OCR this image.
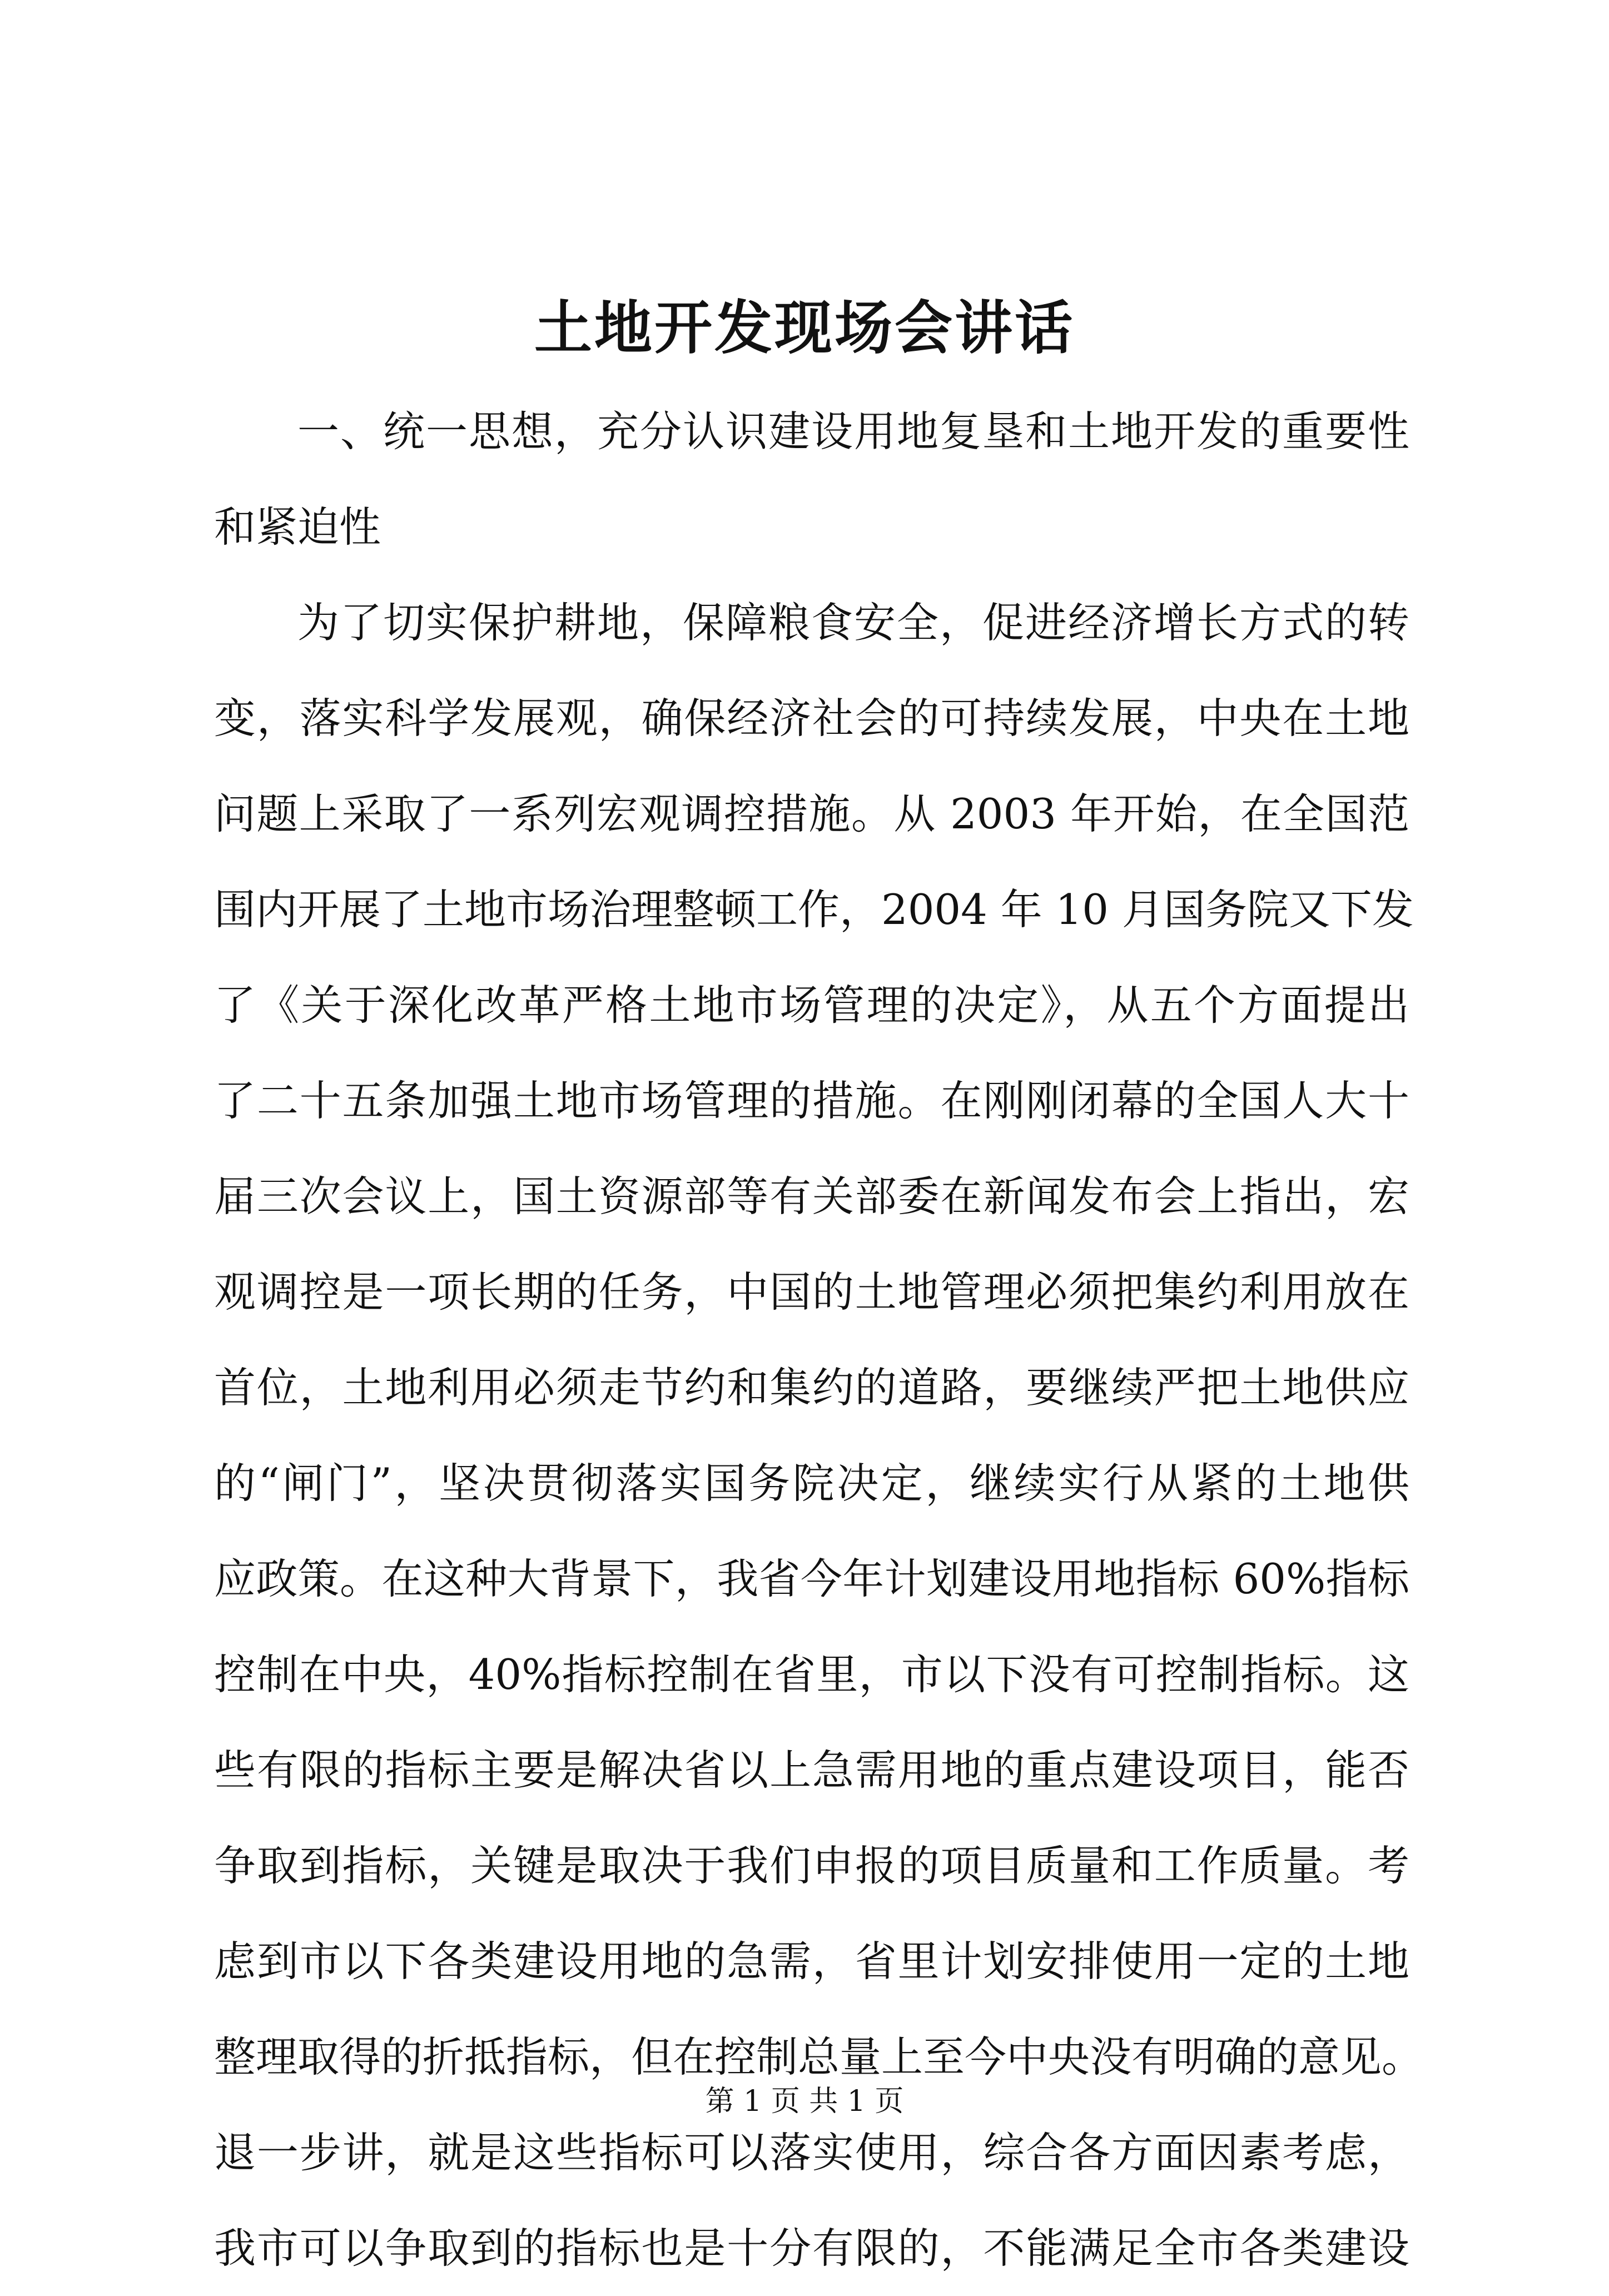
土地开发现场会讲话
一、统一思想，充分认识建设用地复垦和土地开发的重要性
和紧迫性
为了切实保护耕地，保障粮食安全，促进经济增长方式的转
变，落实科学发展观，确保经济社会的可持续发展，中央在土地
问题上采取了一系列宏观调控措施。从 2003 年开始，在全国范
围内开展了土地市场治理整顿工作，2004 年 10 月国务院又下发
了《关于深化改革严格土地市场管理的决定》，从五个方面提出
了二十五条加强土地市场管理的措施。在刚刚闭幕的全国人大十
届三次会议上，国土资源部等有关部委在新闻发布会上指出，宏
观调控是一项长期的任务，中国的土地管理必须把集约利用放在
首位，土地利用必须走节约和集约的道路，要继续严把土地供应
的“闸门”，坚决贯彻落实国务院决定，继续实行从紧的土地供
应政策。在这种大背景下，我省今年计划建设用地指标 60%指标
控制在中央，40%指标控制在省里，市以下没有可控制指标。这
些有限的指标主要是解决省以上急需用地的重点建设项目，能否
争取到指标，关键是取决于我们申报的项目质量和工作质量。考
虑到市以下各类建设用地的急需，省里计划安排使用一定的土地
整理取得的折抵指标，但在控制总量上至今中央没有明确的意见。
退一步讲，就是这些指标可以落实使用，综合各方面因素考虑，
我市可以争取到的指标也是十分有限的，不能满足全市各类建设
第 1 页 共 1 页
